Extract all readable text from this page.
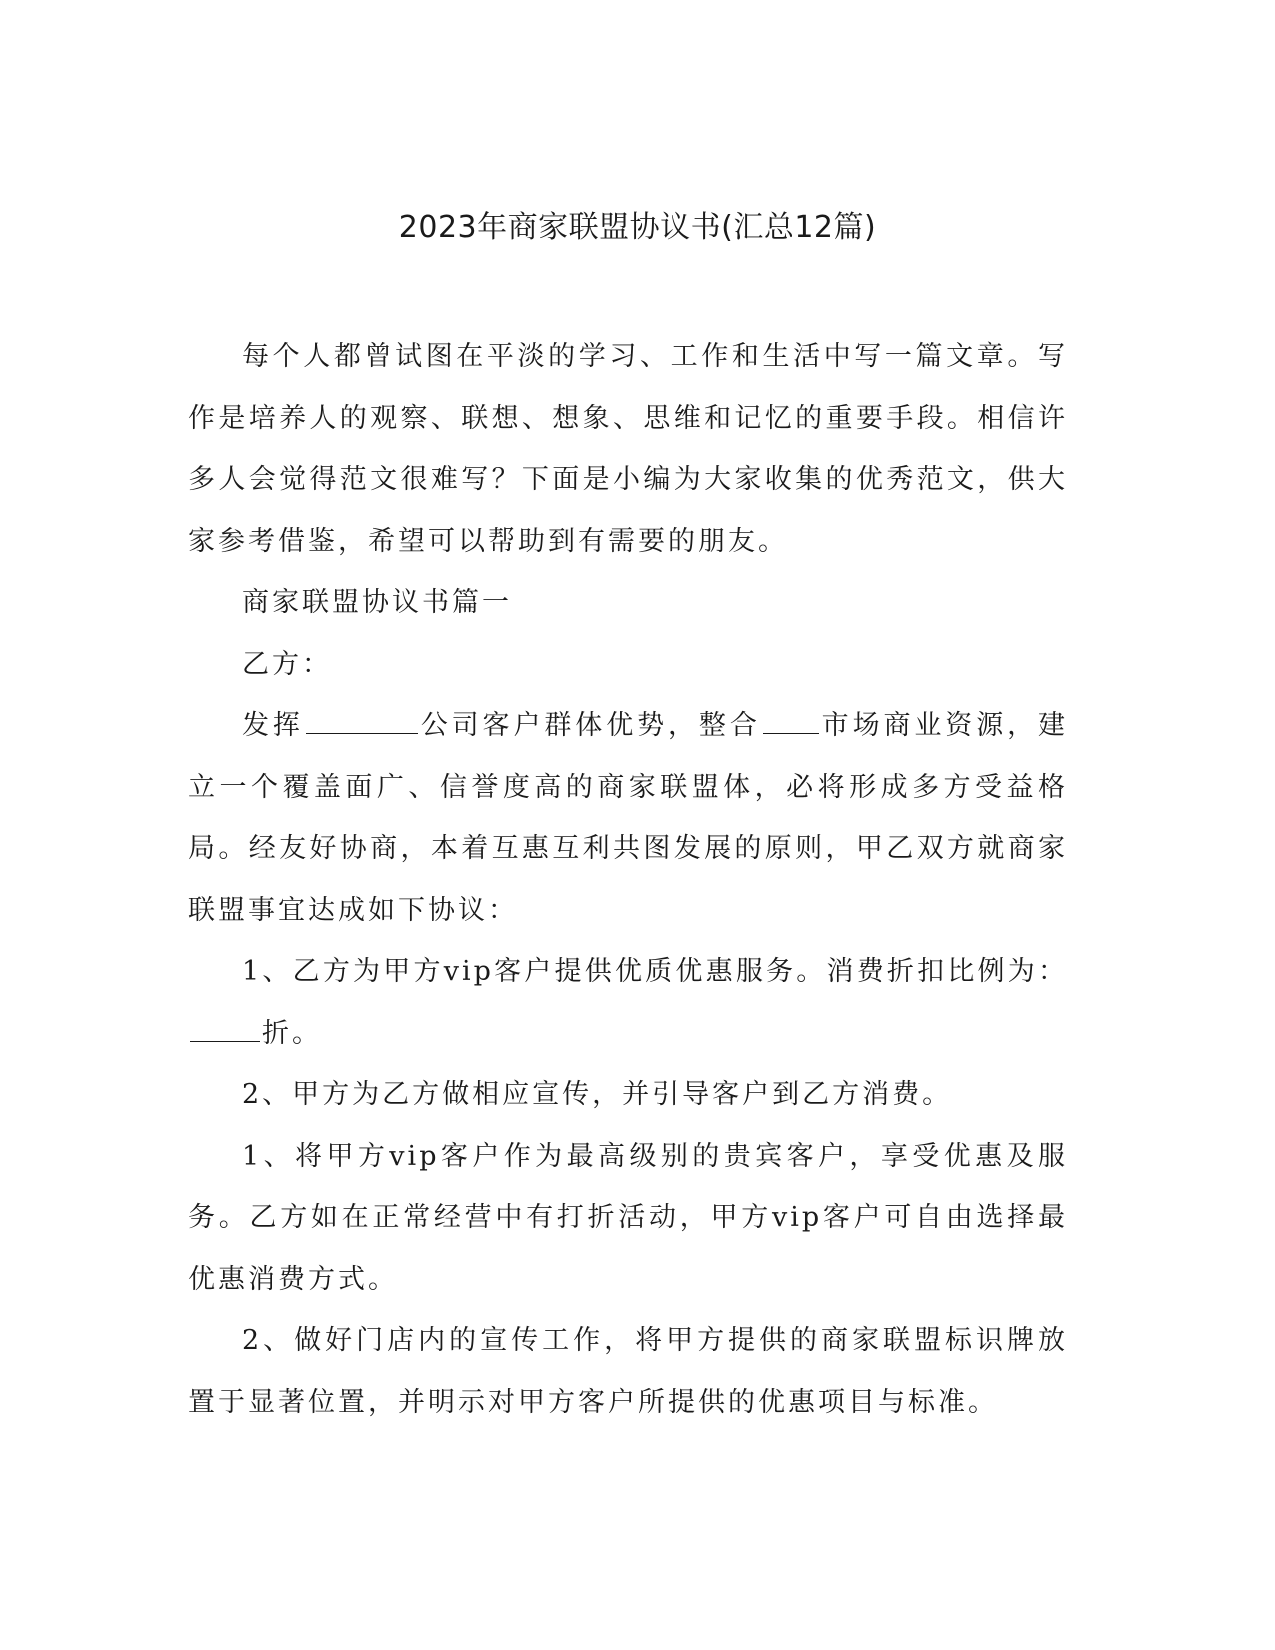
2023年商家联盟协议书(汇总12篇)

每个人都曾试图在平淡的学习、工作和生活中写一篇文章。写作是培养人的观察、联想、想象、思维和记忆的重要手段。相信许多人会觉得范文很难写？下面是小编为大家收集的优秀范文，供大家参考借鉴，希望可以帮助到有需要的朋友。

商家联盟协议书篇一

乙方：

发挥	公司客户群体优势，整合 市场商业资源，建立一个覆盖面广、信誉度高的商家联盟体，必将形成多方受益格局。经友好协商，本着互惠互利共图发展的原则，甲乙双方就商家联盟事宜达成如下协议：

1、乙方为甲方vip客户提供优质优惠服务。消费折扣比例为：折。

2、甲方为乙方做相应宣传，并引导客户到乙方消费。

1、将甲方vip客户作为最高级别的贵宾客户，享受优惠及服务。乙方如在正常经营中有打折活动，甲方vip客户可自由选择最优惠消费方式。

2、做好门店内的宣传工作，将甲方提供的商家联盟标识牌放置于显著位置，并明示对甲方客户所提供的优惠项目与标准。
